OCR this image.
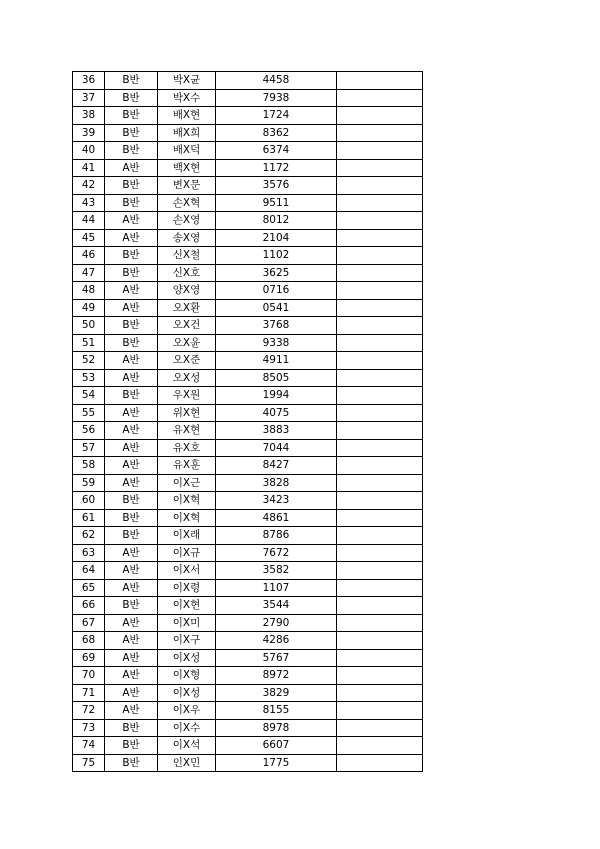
36	B반	박X균	4458	
37	B반	박X수	7938	
38	B반	배X현	1724	
39	B반	배X희	8362	
40	B반	배X덕	6374	
41	A반	백X현	1172	
42	B반	변X문	3576	
43	B반	손X혁	9511	
44	A반	손X영	8012	
45	A반	송X영	2104	
46	B반	신X철	1102	
47	B반	신X호	3625	
48	A반	양X영	0716	
49	A반	오X환	0541	
50	B반	오X건	3768	
51	B반	오X윤	9338	
52	A반	오X준	4911	
53	A반	오X성	8505	
54	B반	우X원	1994	
55	A반	위X현	4075	
56	A반	유X현	3883	
57	A반	유X호	7044	
58	A반	유X훈	8427	
59	A반	이X근	3828	
60	B반	이X혁	3423	
61	B반	이X혁	4861	
62	B반	이X래	8786	
63	A반	이X규	7672	
64	A반	이X서	3582	
65	A반	이X령	1107	
66	B반	이X현	3544	
67	A반	이X미	2790	
68	A반	이X구	4286	
69	A반	이X성	5767	
70	A반	이X형	8972	
71	A반	이X성	3829	
72	A반	이X우	8155	
73	B반	이X수	8978	
74	B반	이X석	6607	
75	B반	인X민	1775	
